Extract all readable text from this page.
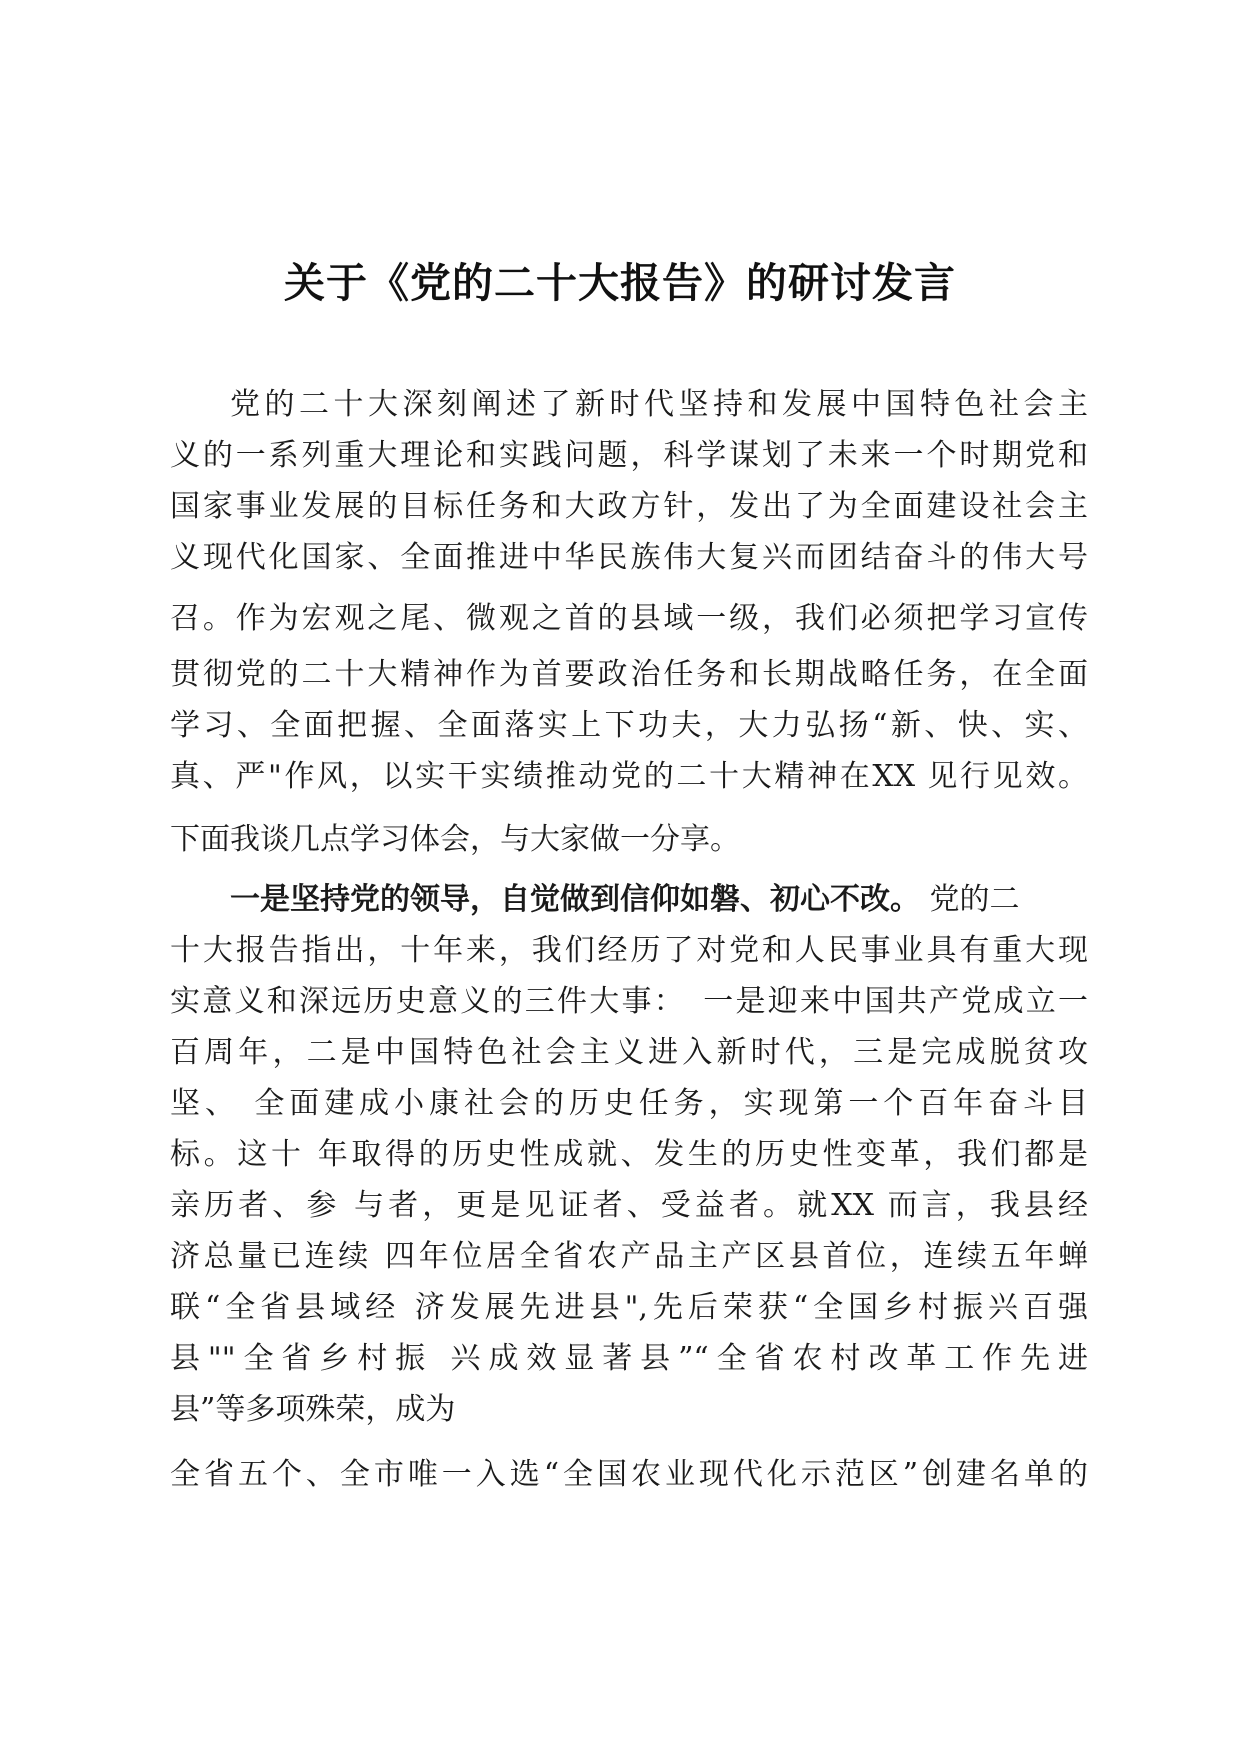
关于《党的二十大报告》的研讨发言
党的二十大深刻阐述了新时代坚持和发展中国特色社会主
义的一系列重大理论和实践问题，科学谋划了未来一个时期党和
国家事业发展的目标任务和大政方针，发出了为全面建设社会主
义现代化国家、全面推进中华民族伟大复兴而团结奋斗的伟大号
召。作为宏观之尾、微观之首的县域一级，我们必须把学习宣传
贯彻党的二十大精神作为首要政治任务和长期战略任务，在全面
学习、全面把握、全面落实上下功夫，大力弘扬“新、快、实、
真、严"作风，以实干实绩推动党的二十大精神在XX 见行见效。
下面我谈几点学习体会，与大家做一分享。
一是坚持党的领导，自觉做到信仰如磐、初心不改。 党的二
十大报告指出，十年来，我们经历了对党和人民事业具有重大现
实意义和深远历史意义的三件大事：　一是迎来中国共产党成立一
百周年，二是中国特色社会主义进入新时代，三是完成脱贫攻
坚、 全面建成小康社会的历史任务，实现第一个百年奋斗目
标。这十 年取得的历史性成就、发生的历史性变革，我们都是
亲历者、参 与者，更是见证者、受益者。就XX 而言，我县经
济总量已连续 四年位居全省农产品主产区县首位，连续五年蝉
联“全省县域经 济发展先进县",先后荣获“全国乡村振兴百强
县""全省乡村振 兴成效显著县”“全省农村改革工作先进
县”等多项殊荣，成为
全省五个、全市唯一入选“全国农业现代化示范区”创建名单的
